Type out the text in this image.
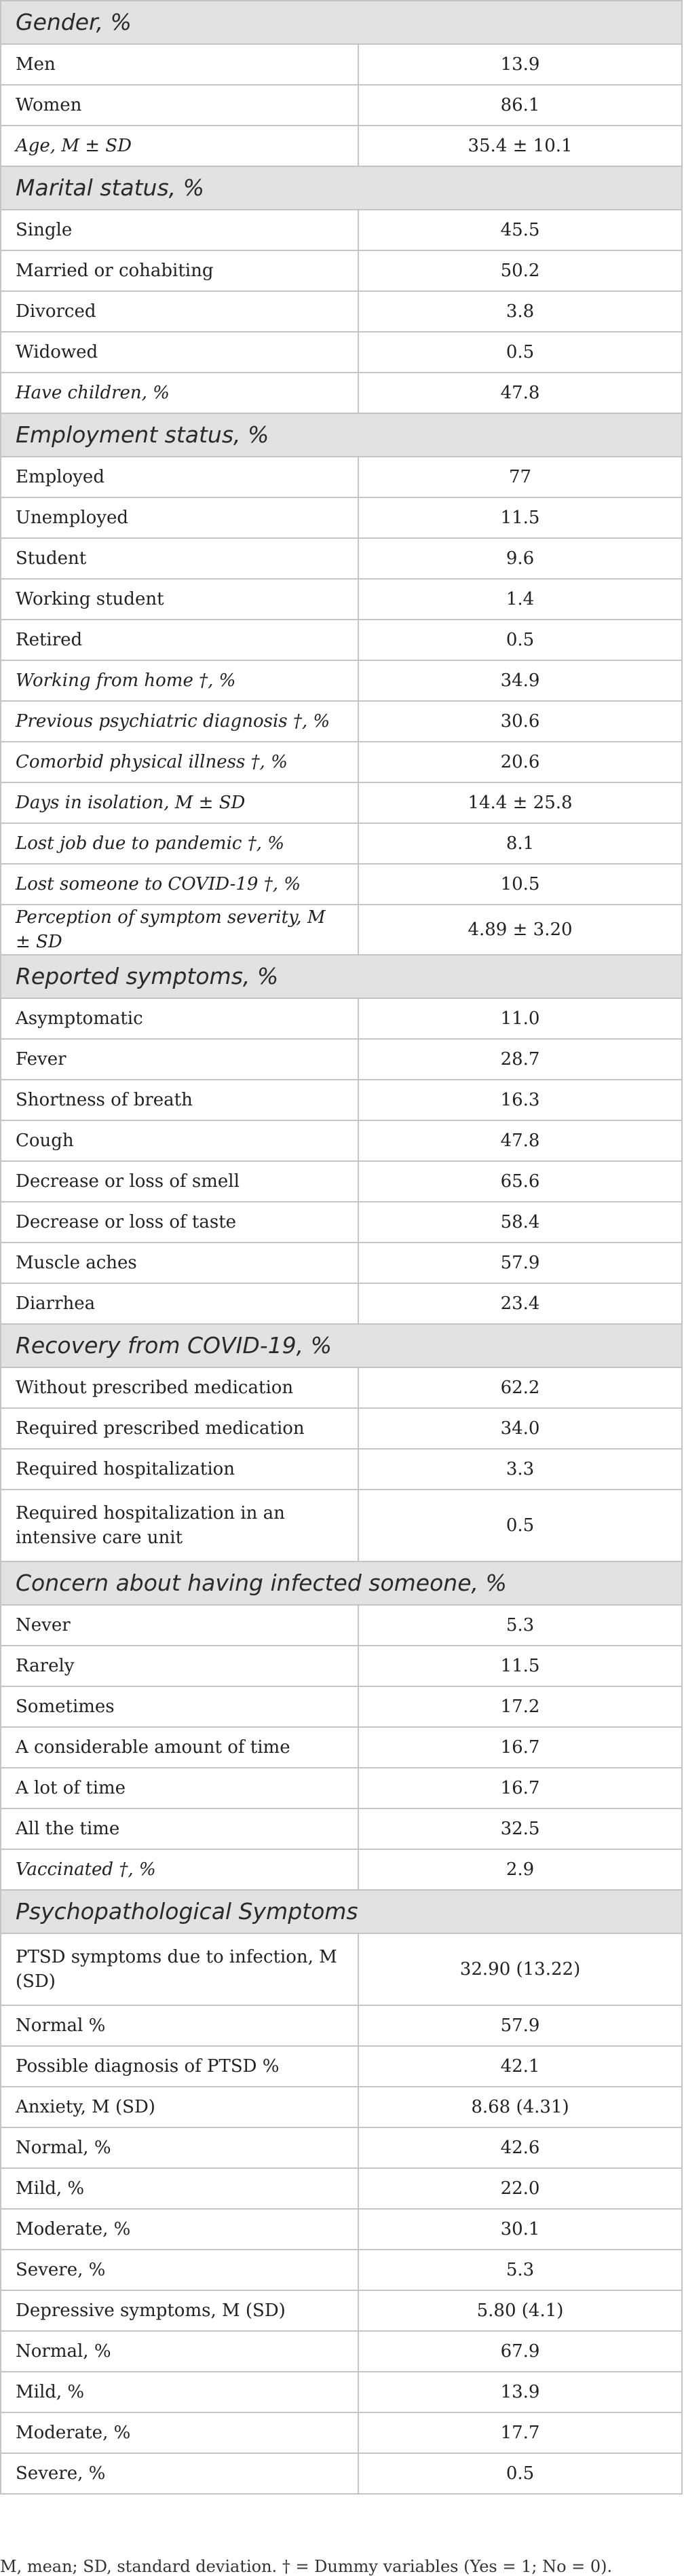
Gender, %	
Men	13.9
Women	86.1
Age, M ± SD	35.4 ± 10.1
Marital status, %	
Single	45.5
Married or cohabiting	50.2
Divorced	3.8
Widowed	0.5
Have children, %	47.8
Employment status, %	
Employed	77
Unemployed	11.5
Student	9.6
Working student	1.4
Retired	0.5
Working from home †, %	34.9
Previous psychiatric diagnosis †, %	30.6
Comorbid physical illness †, %	20.6
Days in isolation, M ± SD	14.4 ± 25.8
Lost job due to pandemic †, %	8.1
Lost someone to COVID-19 †, %	10.5
Perception of symptom severity, M ± SD	4.89 ± 3.20
Reported symptoms, %	
Asymptomatic	11.0
Fever	28.7
Shortness of breath	16.3
Cough	47.8
Decrease or loss of smell	65.6
Decrease or loss of taste	58.4
Muscle aches	57.9
Diarrhea	23.4
Recovery from COVID-19, %	
Without prescribed medication	62.2
Required prescribed medication	34.0
Required hospitalization	3.3
Required hospitalization in an intensive care unit	0.5
Concern about having infected someone, %	
Never	5.3
Rarely	11.5
Sometimes	17.2
A considerable amount of time	16.7
A lot of time	16.7
All the time	32.5
Vaccinated †, %	2.9
Psychopathological Symptoms	
PTSD symptoms due to infection, M (SD)	32.90 (13.22)
Normal %	57.9
Possible diagnosis of PTSD %	42.1
Anxiety, M (SD)	8.68 (4.31)
Normal, %	42.6
Mild, %	22.0
Moderate, %	30.1
Severe, %	5.3
Depressive symptoms, M (SD)	5.80 (4.1)
Normal, %	67.9
Mild, %	13.9
Moderate, %	17.7
Severe, %	0.5
M, mean; SD, standard deviation. † = Dummy variables (Yes = 1; No = 0).
